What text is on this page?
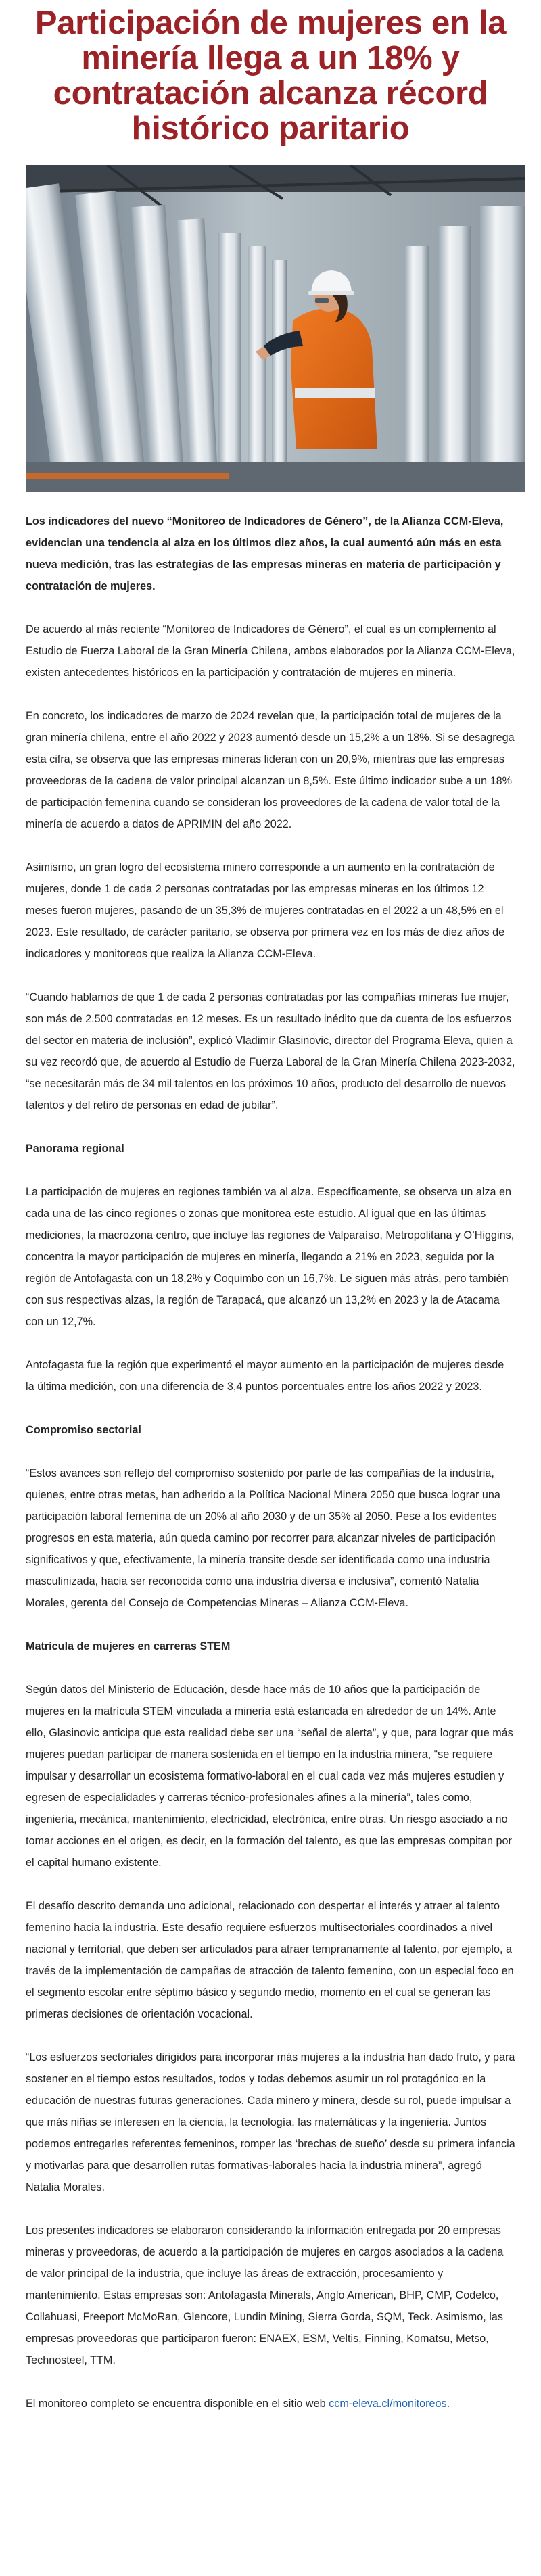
Participación de mujeres en la minería llega a un 18% y contratación alcanza récord histórico paritario

Los indicadores del nuevo “Monitoreo de Indicadores de Género”, de la Alianza CCM-Eleva, evidencian una tendencia al alza en los últimos diez años, la cual aumentó aún más en esta nueva medición, tras las estrategias de las empresas mineras en materia de participación y contratación de mujeres.

De acuerdo al más reciente “Monitoreo de Indicadores de Género”, el cual es un complemento al Estudio de Fuerza Laboral de la Gran Minería Chilena, ambos elaborados por la Alianza CCM-Eleva, existen antecedentes históricos en la participación y contratación de mujeres en minería.

En concreto, los indicadores de marzo de 2024 revelan que, la participación total de mujeres de la gran minería chilena, entre el año 2022 y 2023 aumentó desde un 15,2% a un 18%. Si se desagrega esta cifra, se observa que las empresas mineras lideran con un 20,9%, mientras que las empresas proveedoras de la cadena de valor principal alcanzan un 8,5%. Este último indicador sube a un 18% de participación femenina cuando se consideran los proveedores de la cadena de valor total de la minería de acuerdo a datos de APRIMIN del año 2022.

Asimismo, un gran logro del ecosistema minero corresponde a un aumento en la contratación de mujeres, donde 1 de cada 2 personas contratadas por las empresas mineras en los últimos 12 meses fueron mujeres, pasando de un 35,3% de mujeres contratadas en el 2022 a un 48,5% en el 2023. Este resultado, de carácter paritario, se observa por primera vez en los más de diez años de indicadores y monitoreos que realiza la Alianza CCM-Eleva.

“Cuando hablamos de que 1 de cada 2 personas contratadas por las compañías mineras fue mujer, son más de 2.500 contratadas en 12 meses. Es un resultado inédito que da cuenta de los esfuerzos del sector en materia de inclusión”, explicó Vladimir Glasinovic, director del Programa Eleva, quien a su vez recordó que, de acuerdo al Estudio de Fuerza Laboral de la Gran Minería Chilena 2023-2032, “se necesitarán más de 34 mil talentos en los próximos 10 años, producto del desarrollo de nuevos talentos y del retiro de personas en edad de jubilar”.

Panorama regional

La participación de mujeres en regiones también va al alza. Específicamente, se observa un alza en cada una de las cinco regiones o zonas que monitorea este estudio. Al igual que en las últimas mediciones, la macrozona centro, que incluye las regiones de Valparaíso, Metropolitana y O’Higgins, concentra la mayor participación de mujeres en minería, llegando a 21% en 2023, seguida por la región de Antofagasta con un 18,2% y Coquimbo con un 16,7%. Le siguen más atrás, pero también con sus respectivas alzas, la región de Tarapacá, que alcanzó un 13,2% en 2023 y la de Atacama con un 12,7%.

Antofagasta fue la región que experimentó el mayor aumento en la participación de mujeres desde la última medición, con una diferencia de 3,4 puntos porcentuales entre los años 2022 y 2023.

Compromiso sectorial

“Estos avances son reflejo del compromiso sostenido por parte de las compañías de la industria, quienes, entre otras metas, han adherido a la Política Nacional Minera 2050 que busca lograr una participación laboral femenina de un 20% al año 2030 y de un 35% al 2050. Pese a los evidentes progresos en esta materia, aún queda camino por recorrer para alcanzar niveles de participación significativos y que, efectivamente, la minería transite desde ser identificada como una industria masculinizada, hacia ser reconocida como una industria diversa e inclusiva”, comentó Natalia Morales, gerenta del Consejo de Competencias Mineras – Alianza CCM-Eleva.

Matrícula de mujeres en carreras STEM

Según datos del Ministerio de Educación, desde hace más de 10 años que la participación de mujeres en la matrícula STEM vinculada a minería está estancada en alrededor de un 14%. Ante ello, Glasinovic anticipa que esta realidad debe ser una “señal de alerta”, y que, para lograr que más mujeres puedan participar de manera sostenida en el tiempo en la industria minera, “se requiere impulsar y desarrollar un ecosistema formativo-laboral en el cual cada vez más mujeres estudien y egresen de especialidades y carreras técnico-profesionales afines a la minería”, tales como, ingeniería, mecánica, mantenimiento, electricidad, electrónica, entre otras. Un riesgo asociado a no tomar acciones en el origen, es decir, en la formación del talento, es que las empresas compitan por el capital humano existente.

El desafío descrito demanda uno adicional, relacionado con despertar el interés y atraer al talento femenino hacia la industria. Este desafío requiere esfuerzos multisectoriales coordinados a nivel nacional y territorial, que deben ser articulados para atraer tempranamente al talento, por ejemplo, a través de la implementación de campañas de atracción de talento femenino, con un especial foco en el segmento escolar entre séptimo básico y segundo medio, momento en el cual se generan las primeras decisiones de orientación vocacional.

“Los esfuerzos sectoriales dirigidos para incorporar más mujeres a la industria han dado fruto, y para sostener en el tiempo estos resultados, todos y todas debemos asumir un rol protagónico en la educación de nuestras futuras generaciones. Cada minero y minera, desde su rol, puede impulsar a que más niñas se interesen en la ciencia, la tecnología, las matemáticas y la ingeniería. Juntos podemos entregarles referentes femeninos, romper las ‘brechas de sueño’ desde su primera infancia y motivarlas para que desarrollen rutas formativas-laborales hacia la industria minera”, agregó Natalia Morales.

Los presentes indicadores se elaboraron considerando la información entregada por 20 empresas mineras y proveedoras, de acuerdo a la participación de mujeres en cargos asociados a la cadena de valor principal de la industria, que incluye las áreas de extracción, procesamiento y mantenimiento. Estas empresas son: Antofagasta Minerals, Anglo American, BHP, CMP, Codelco, Collahuasi, Freeport McMoRan, Glencore, Lundin Mining, Sierra Gorda, SQM, Teck. Asimismo, las empresas proveedoras que participaron fueron: ENAEX, ESM, Veltis, Finning, Komatsu, Metso, Technosteel, TTM.

El monitoreo completo se encuentra disponible en el sitio web ccm-eleva.cl/monitoreos.
